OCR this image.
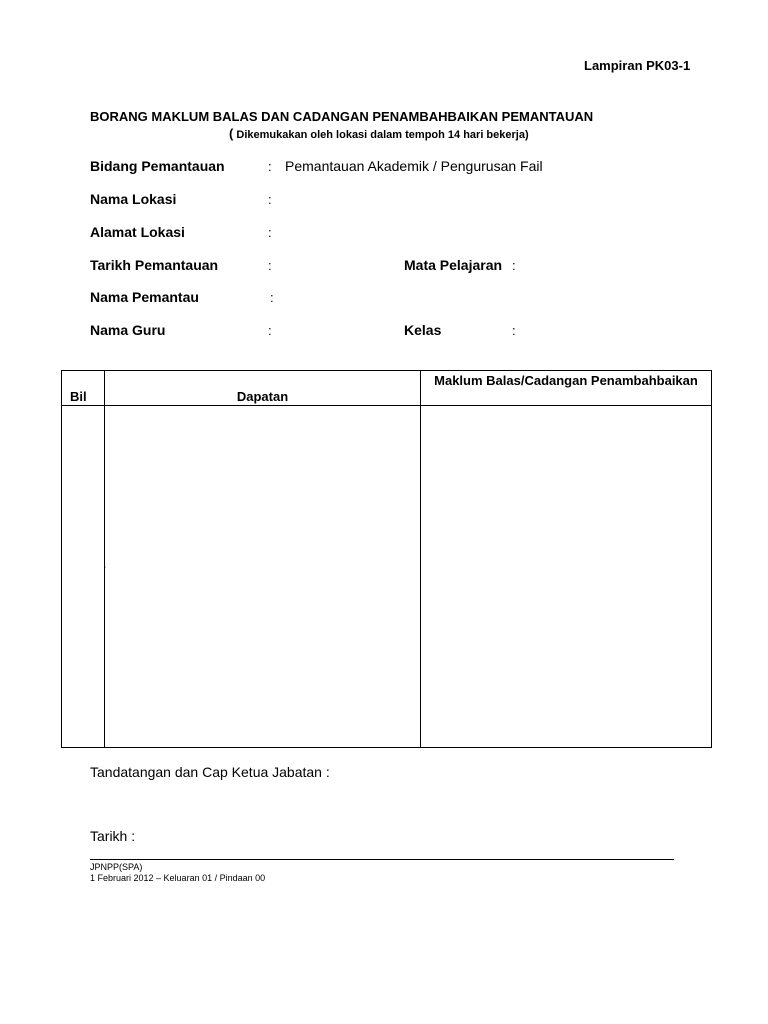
Lampiran PK03-1
BORANG MAKLUM BALAS DAN CADANGAN PENAMBAHBAIKAN PEMANTAUAN
( Dikemukakan oleh lokasi dalam tempoh 14 hari bekerja)
Bidang Pemantauan	: Pemantauan Akademik / Pengurusan Fail
Nama Lokasi	:
Alamat Lokasi	:
Tarikh Pemantauan	:	Mata Pelajaran :
Nama Pemantau	:
Nama Guru	:	Kelas	:
Bil	Dapatan	Maklum Balas/Cadangan Penambahbaikan

.
Tandatangan dan Cap Ketua Jabatan :
Tarikh :
JPNPP(SPA)
1 Februari 2012 – Keluaran 01 / Pindaan 00
